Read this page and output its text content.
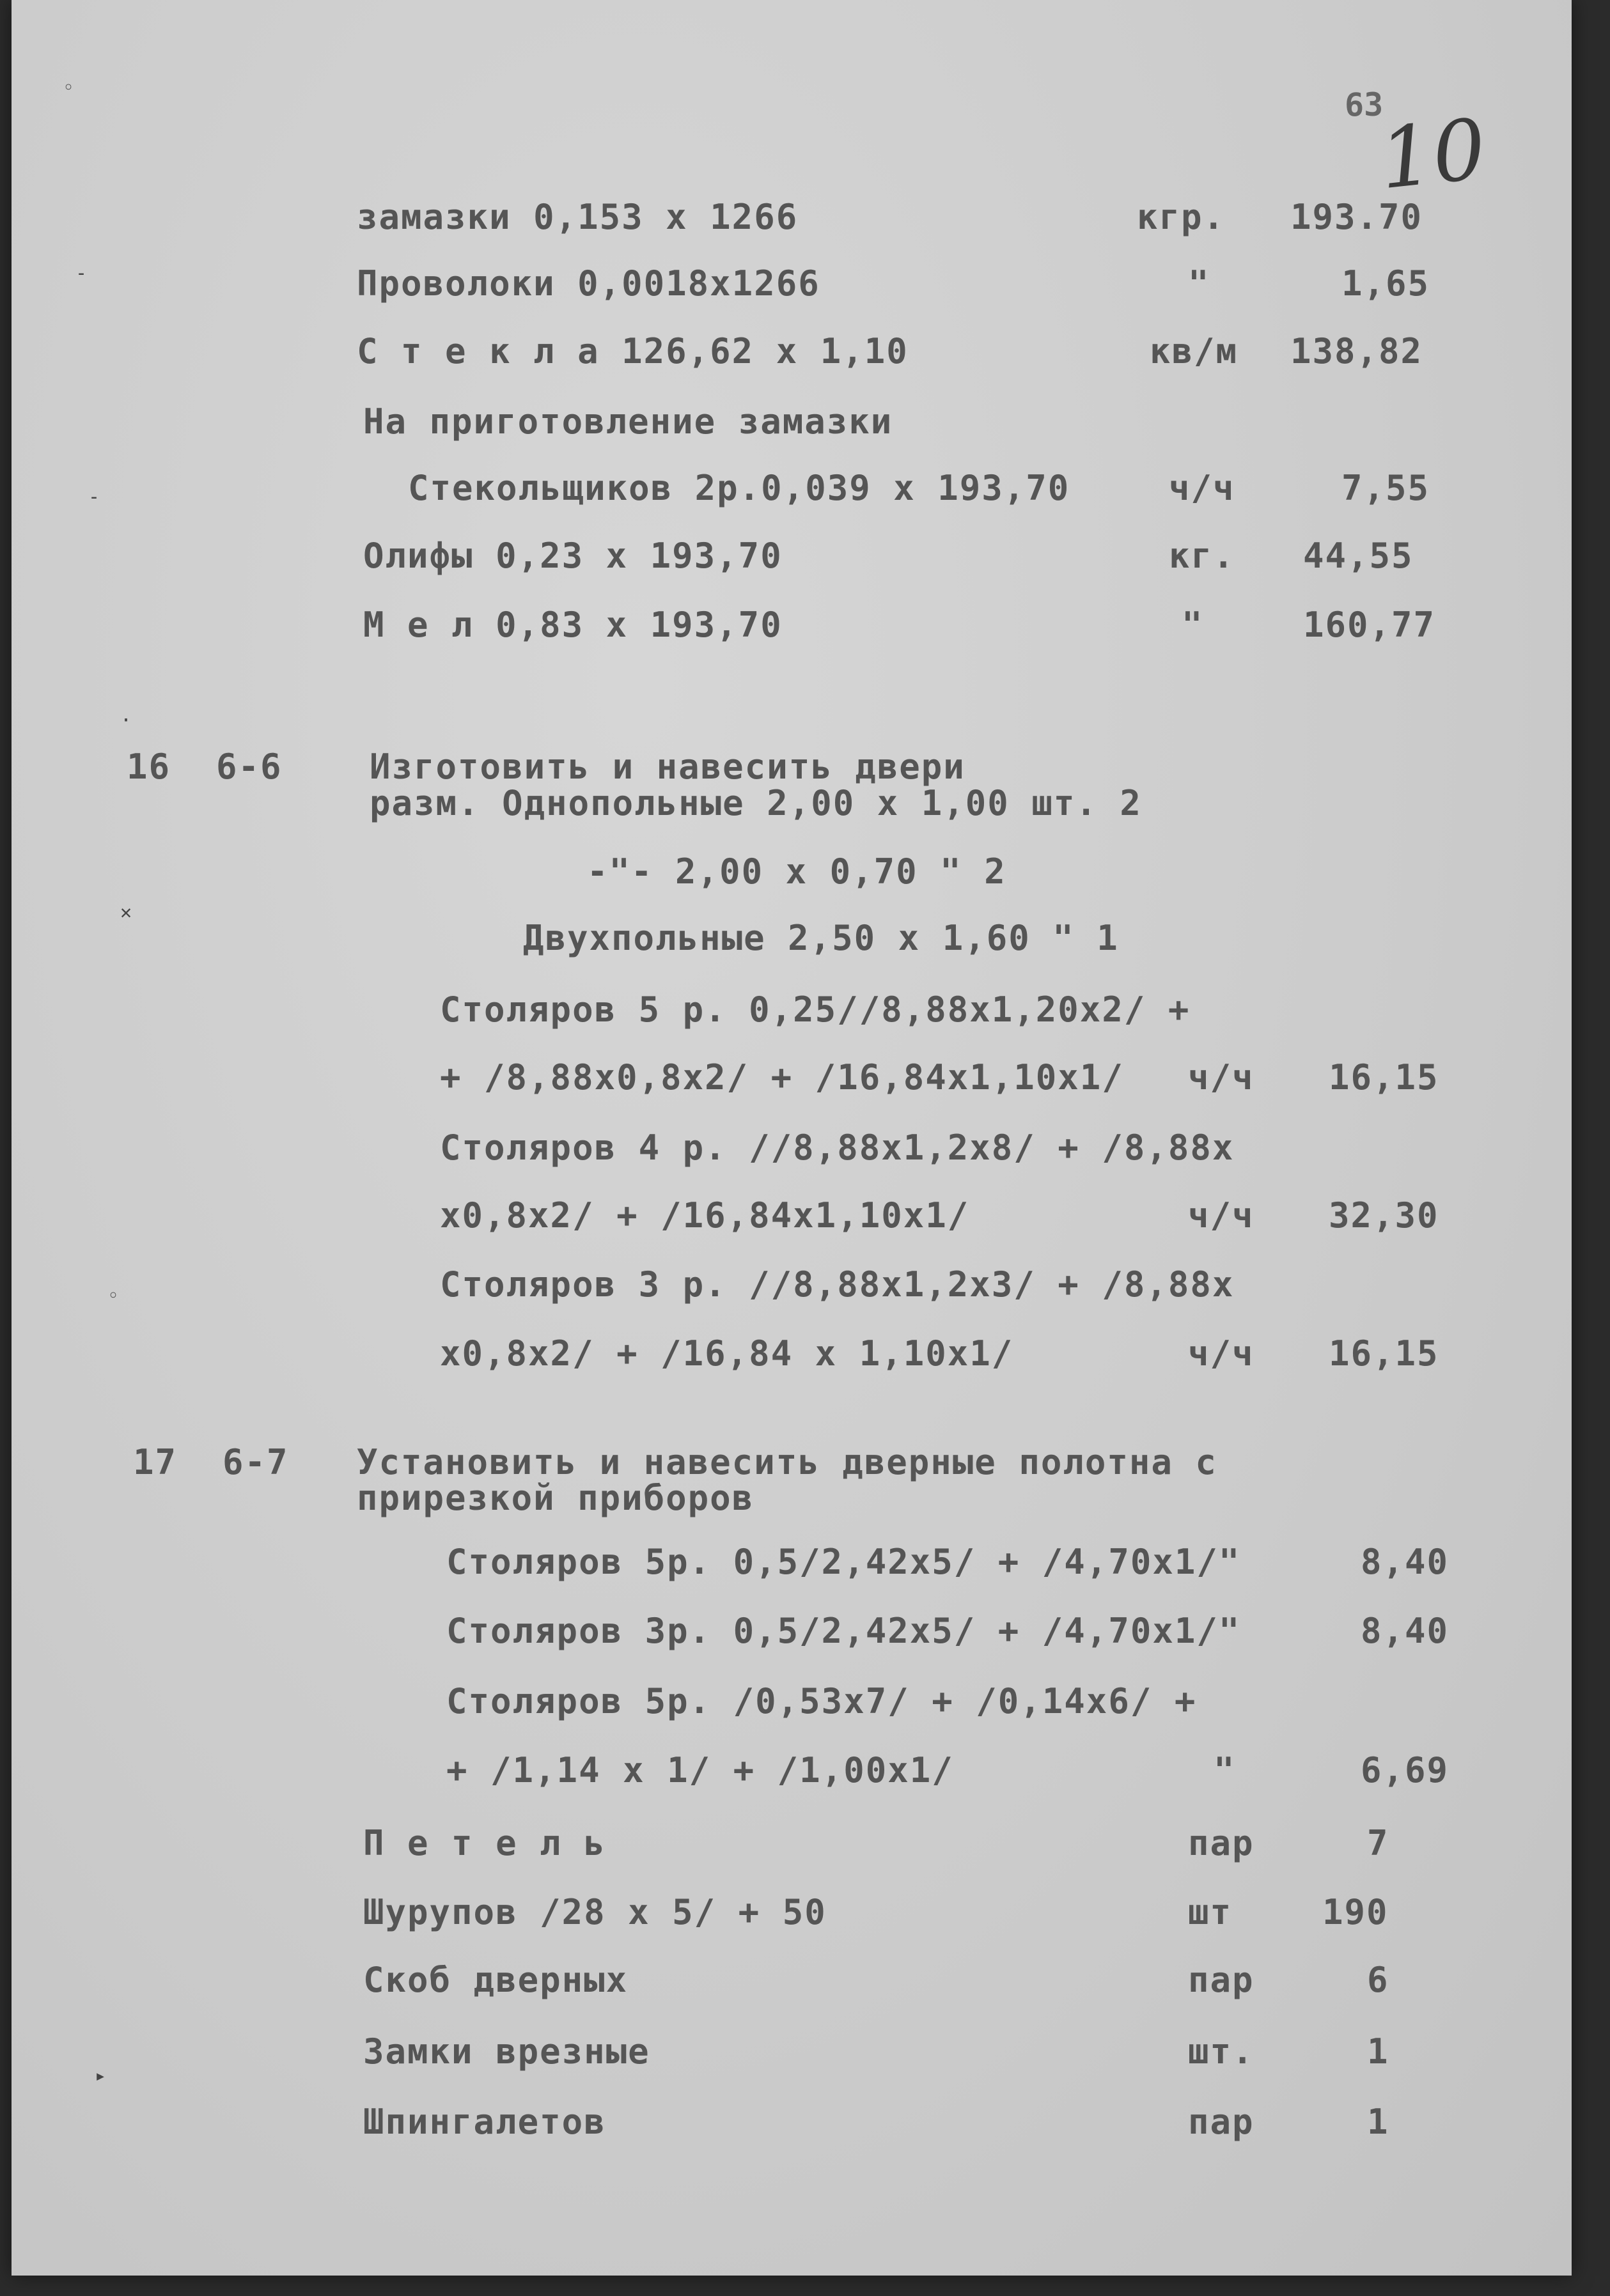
63
10
◦
‐
‐
·
✕
◦
▸
замазки 0,153 х 1266	кгр. 193.70
Проволоки 0,0018х1266	"	1,65
С т е к л а 126,62 х 1,10	кв/м 138,82
На приготовление замазки
Стекольщиков 2р.0,039 х 193,70	ч/ч	7,55
Олифы 0,23 х 193,70	кг. 44,55
М е л 0,83 х 193,70	"	160,77
16 6-6	Изготовить и навесить двери
разм. Однопольные 2,00 х 1,00 шт. 2
-"- 2,00 х 0,70 " 2
Двухпольные 2,50 х 1,60 " 1
Столяров 5 р. 0,25//8,88х1,20х2/ +
+ /8,88х0,8х2/ + /16,84х1,10х1/ ч/ч 16,15
Столяров 4 р. //8,88х1,2х8/ + /8,88х
х0,8х2/ + /16,84х1,10х1/	ч/ч 32,30
Столяров 3 р. //8,88х1,2х3/ + /8,88х
х0,8х2/ + /16,84 х 1,10х1/	ч/ч 16,15
17 6-7 Установить и навесить дверные полотна с
прирезкой приборов
Столяров 5р. 0,5/2,42х5/ + /4,70х1/"	8,40
Столяров 3р. 0,5/2,42х5/ + /4,70х1/"	8,40
Столяров 5р. /0,53х7/ + /0,14х6/ +
+ /1,14 х 1/ + /1,00х1/	"	6,69
П е т е л ь	пар	7
Шурупов /28 х 5/ + 50	шт	190
Скоб дверных	пар	6
Замки врезные	шт.	1
Шпингалетов	пар	1
